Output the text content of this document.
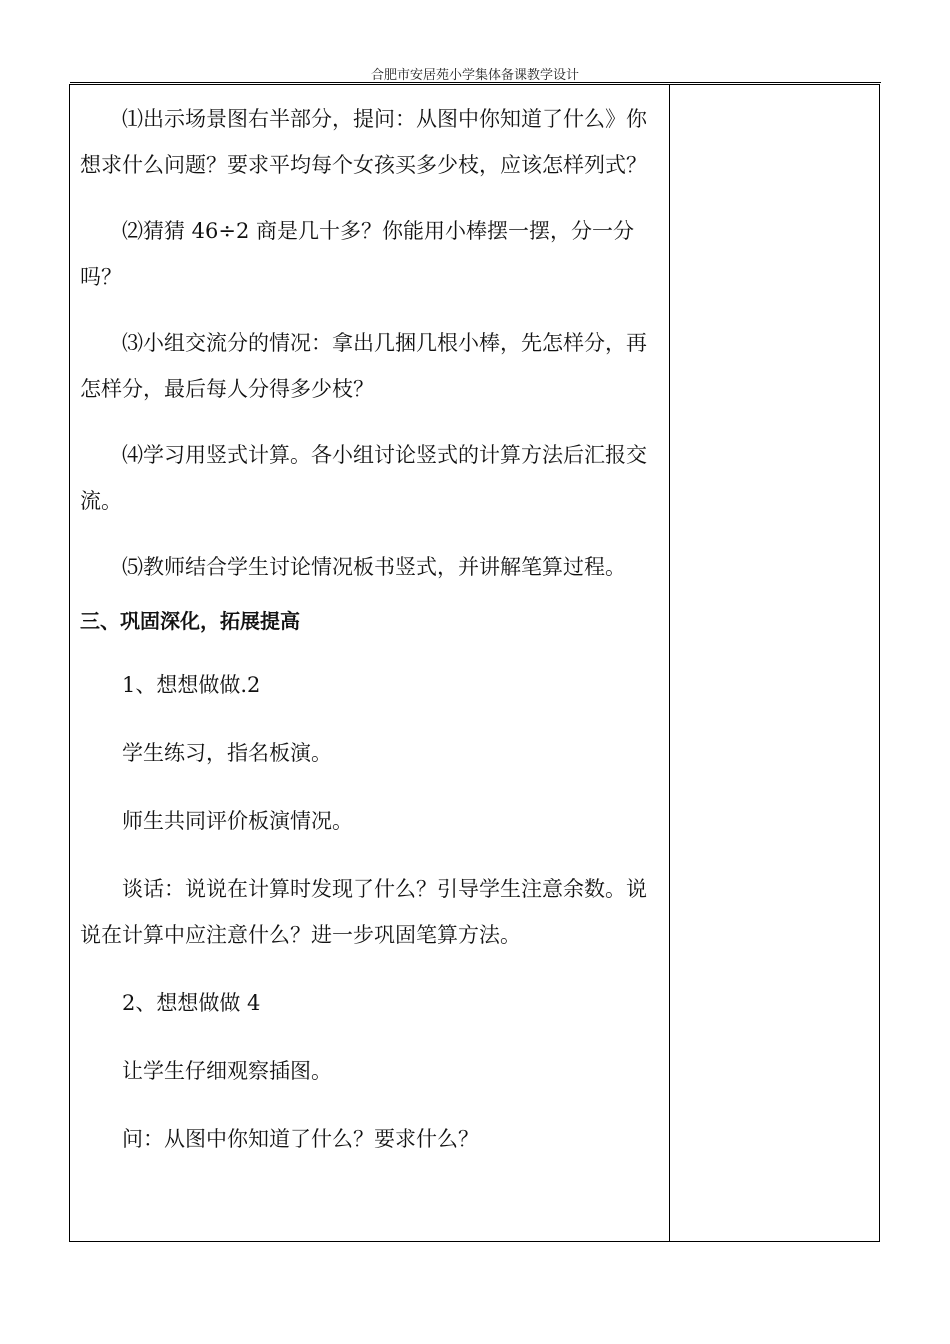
合肥市安居苑小学集体备课教学设计

⑴出示场景图右半部分，提问：从图中你知道了什么》你想求什么问题？要求平均每个女孩买多少枝，应该怎样列式？

⑵猜猜 46÷2 商是几十多？你能用小棒摆一摆，分一分吗？

⑶小组交流分的情况：拿出几捆几根小棒，先怎样分，再怎样分，最后每人分得多少枝？

⑷学习用竖式计算。各小组讨论竖式的计算方法后汇报交流。

⑸教师结合学生讨论情况板书竖式，并讲解笔算过程。

三、巩固深化，拓展提高

1、想想做做.2

学生练习，指名板演。

师生共同评价板演情况。

谈话：说说在计算时发现了什么？引导学生注意余数。说说在计算中应注意什么？进一步巩固笔算方法。

2、想想做做 4

让学生仔细观察插图。

问：从图中你知道了什么？要求什么？
